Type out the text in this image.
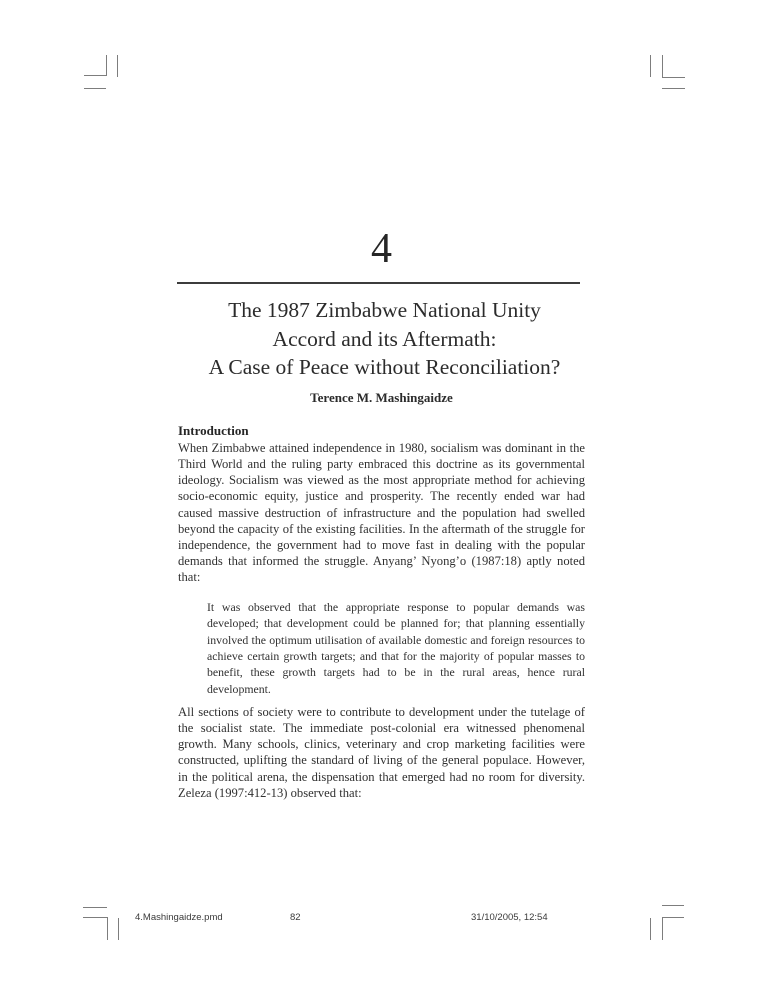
4
The 1987 Zimbabwe National Unity
Accord and its Aftermath:
A Case of Peace without Reconciliation?
Terence M. Mashingaidze
Introduction
When Zimbabwe attained independence in 1980, socialism was dominant in the Third World and the ruling party embraced this doctrine as its governmental ideology. Socialism was viewed as the most appropriate method for achieving socio-economic equity, justice and prosperity. The recently ended war had caused massive destruction of infrastructure and the population had swelled beyond the capacity of the existing facilities. In the aftermath of the struggle for independence, the government had to move fast in dealing with the popular demands that informed the struggle. Anyang’ Nyong’o (1987:18) aptly noted that:
It was observed that the appropriate response to popular demands was developed; that development could be planned for; that planning essentially involved the optimum utilisation of available domestic and foreign resources to achieve certain growth targets; and that for the majority of popular masses to benefit, these growth targets had to be in the rural areas, hence rural development.
All sections of society were to contribute to development under the tutelage of the socialist state. The immediate post-colonial era witnessed phenomenal growth. Many schools, clinics, veterinary and crop marketing facilities were constructed, uplifting the standard of living of the general populace. However, in the political arena, the dispensation that emerged had no room for diversity. Zeleza (1997:412-13) observed that:
4.Mashingaidze.pmd	82	31/10/2005, 12:54
